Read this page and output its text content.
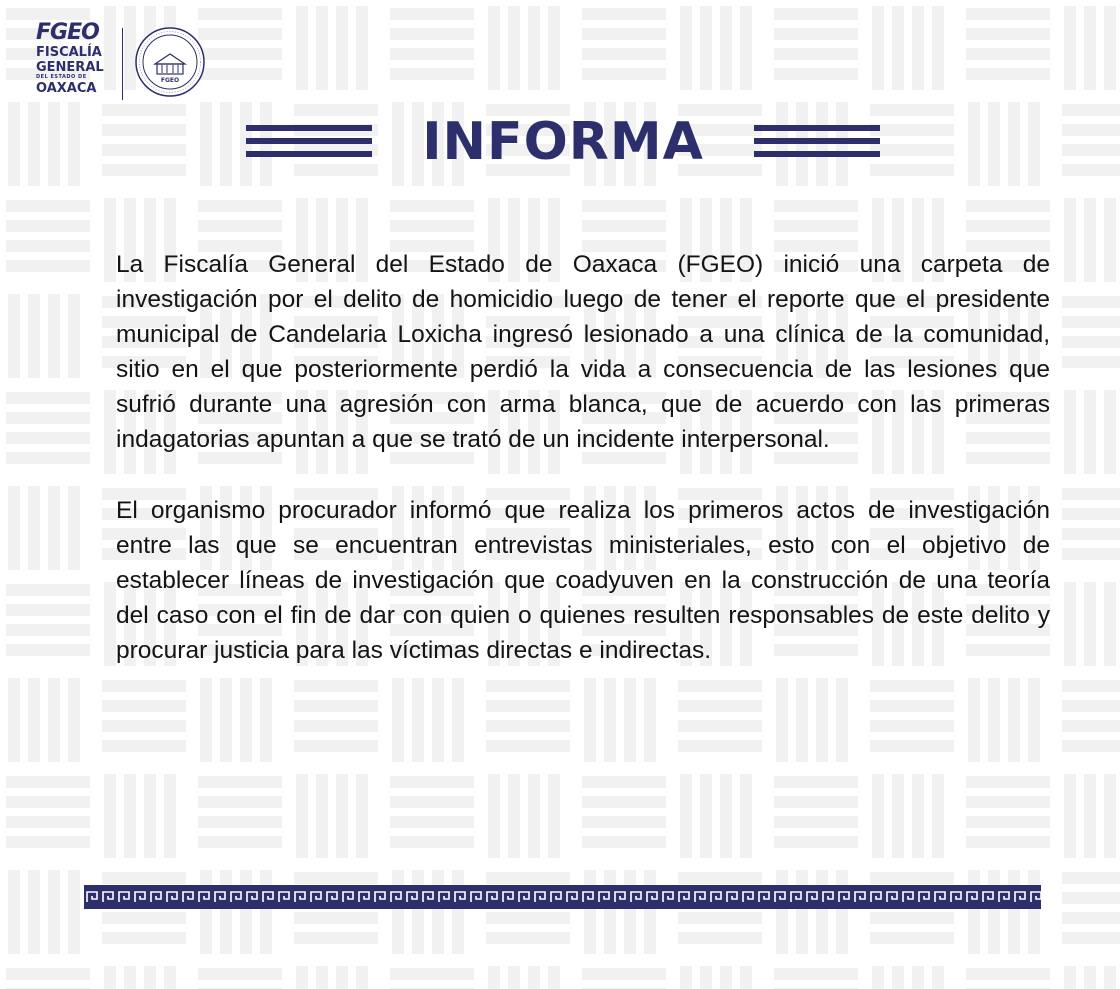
FGEO
FISCALÍA
GENERAL
DEL ESTADO DE
OAXACA
FGEO
INFORMA

La Fiscalía General del Estado de Oaxaca (FGEO) inició una carpeta de investigación por el delito de homicidio luego de tener el reporte que el presidente municipal de Candelaria Loxicha ingresó lesionado a una clínica de la comunidad, sitio en el que posteriormente perdió la vida a consecuencia de las lesiones que sufrió durante una agresión con arma blanca, que de acuerdo con las primeras indagatorias apuntan a que se trató de un incidente interpersonal.

El organismo procurador informó que realiza los primeros actos de investigación entre las que se encuentran entrevistas ministeriales, esto con el objetivo de establecer líneas de investigación que coadyuven en la construcción de una teoría del caso con el fin de dar con quien o quienes resulten responsables de este delito y procurar justicia para las víctimas directas e indirectas.
